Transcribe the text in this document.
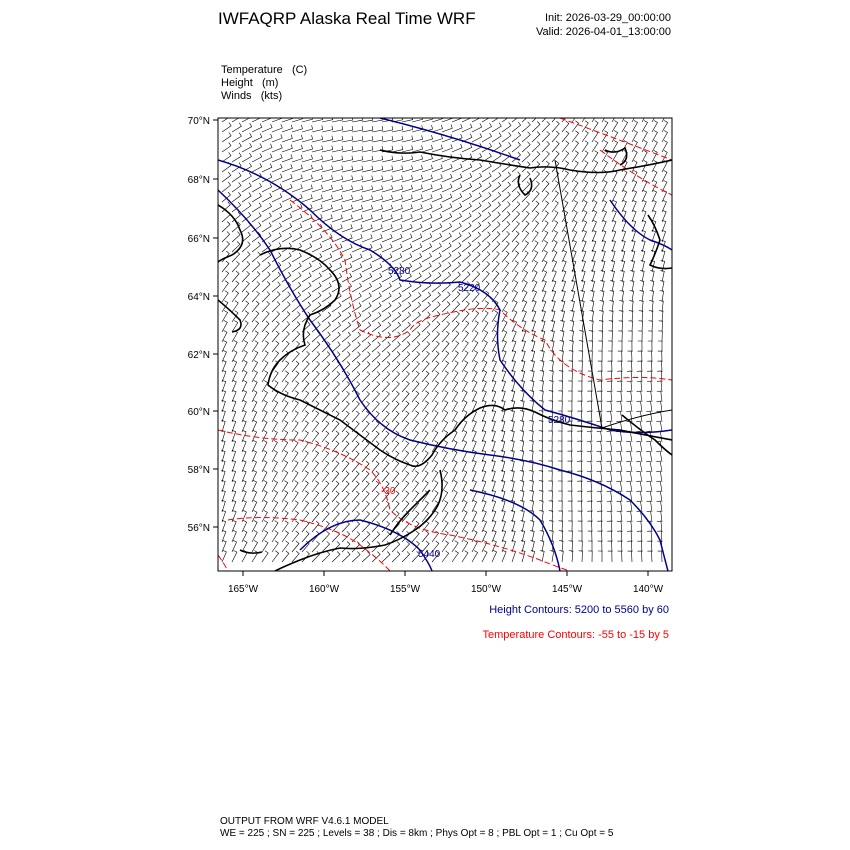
IWFAQRP Alaska Real Time WRF	Init: 2026-03-29_00:00:00
Valid: 2026-04-01_13:00:00
Temperature (C)
Height (m)
Winds (kts)
5280
5220
5280
5440
-30
70°N
68°N
66°N
64°N
62°N
60°N
58°N
56°N
165°W	160°W	155°W	150°W	145°W	140°W
Height Contours: 5200 to 5560 by 60
Temperature Contours: -55 to -15 by 5
OUTPUT FROM WRF V4.6.1 MODEL
WE = 225 ; SN = 225 ; Levels = 38 ; Dis = 8km ; Phys Opt = 8 ; PBL Opt = 1 ; Cu Opt = 5
